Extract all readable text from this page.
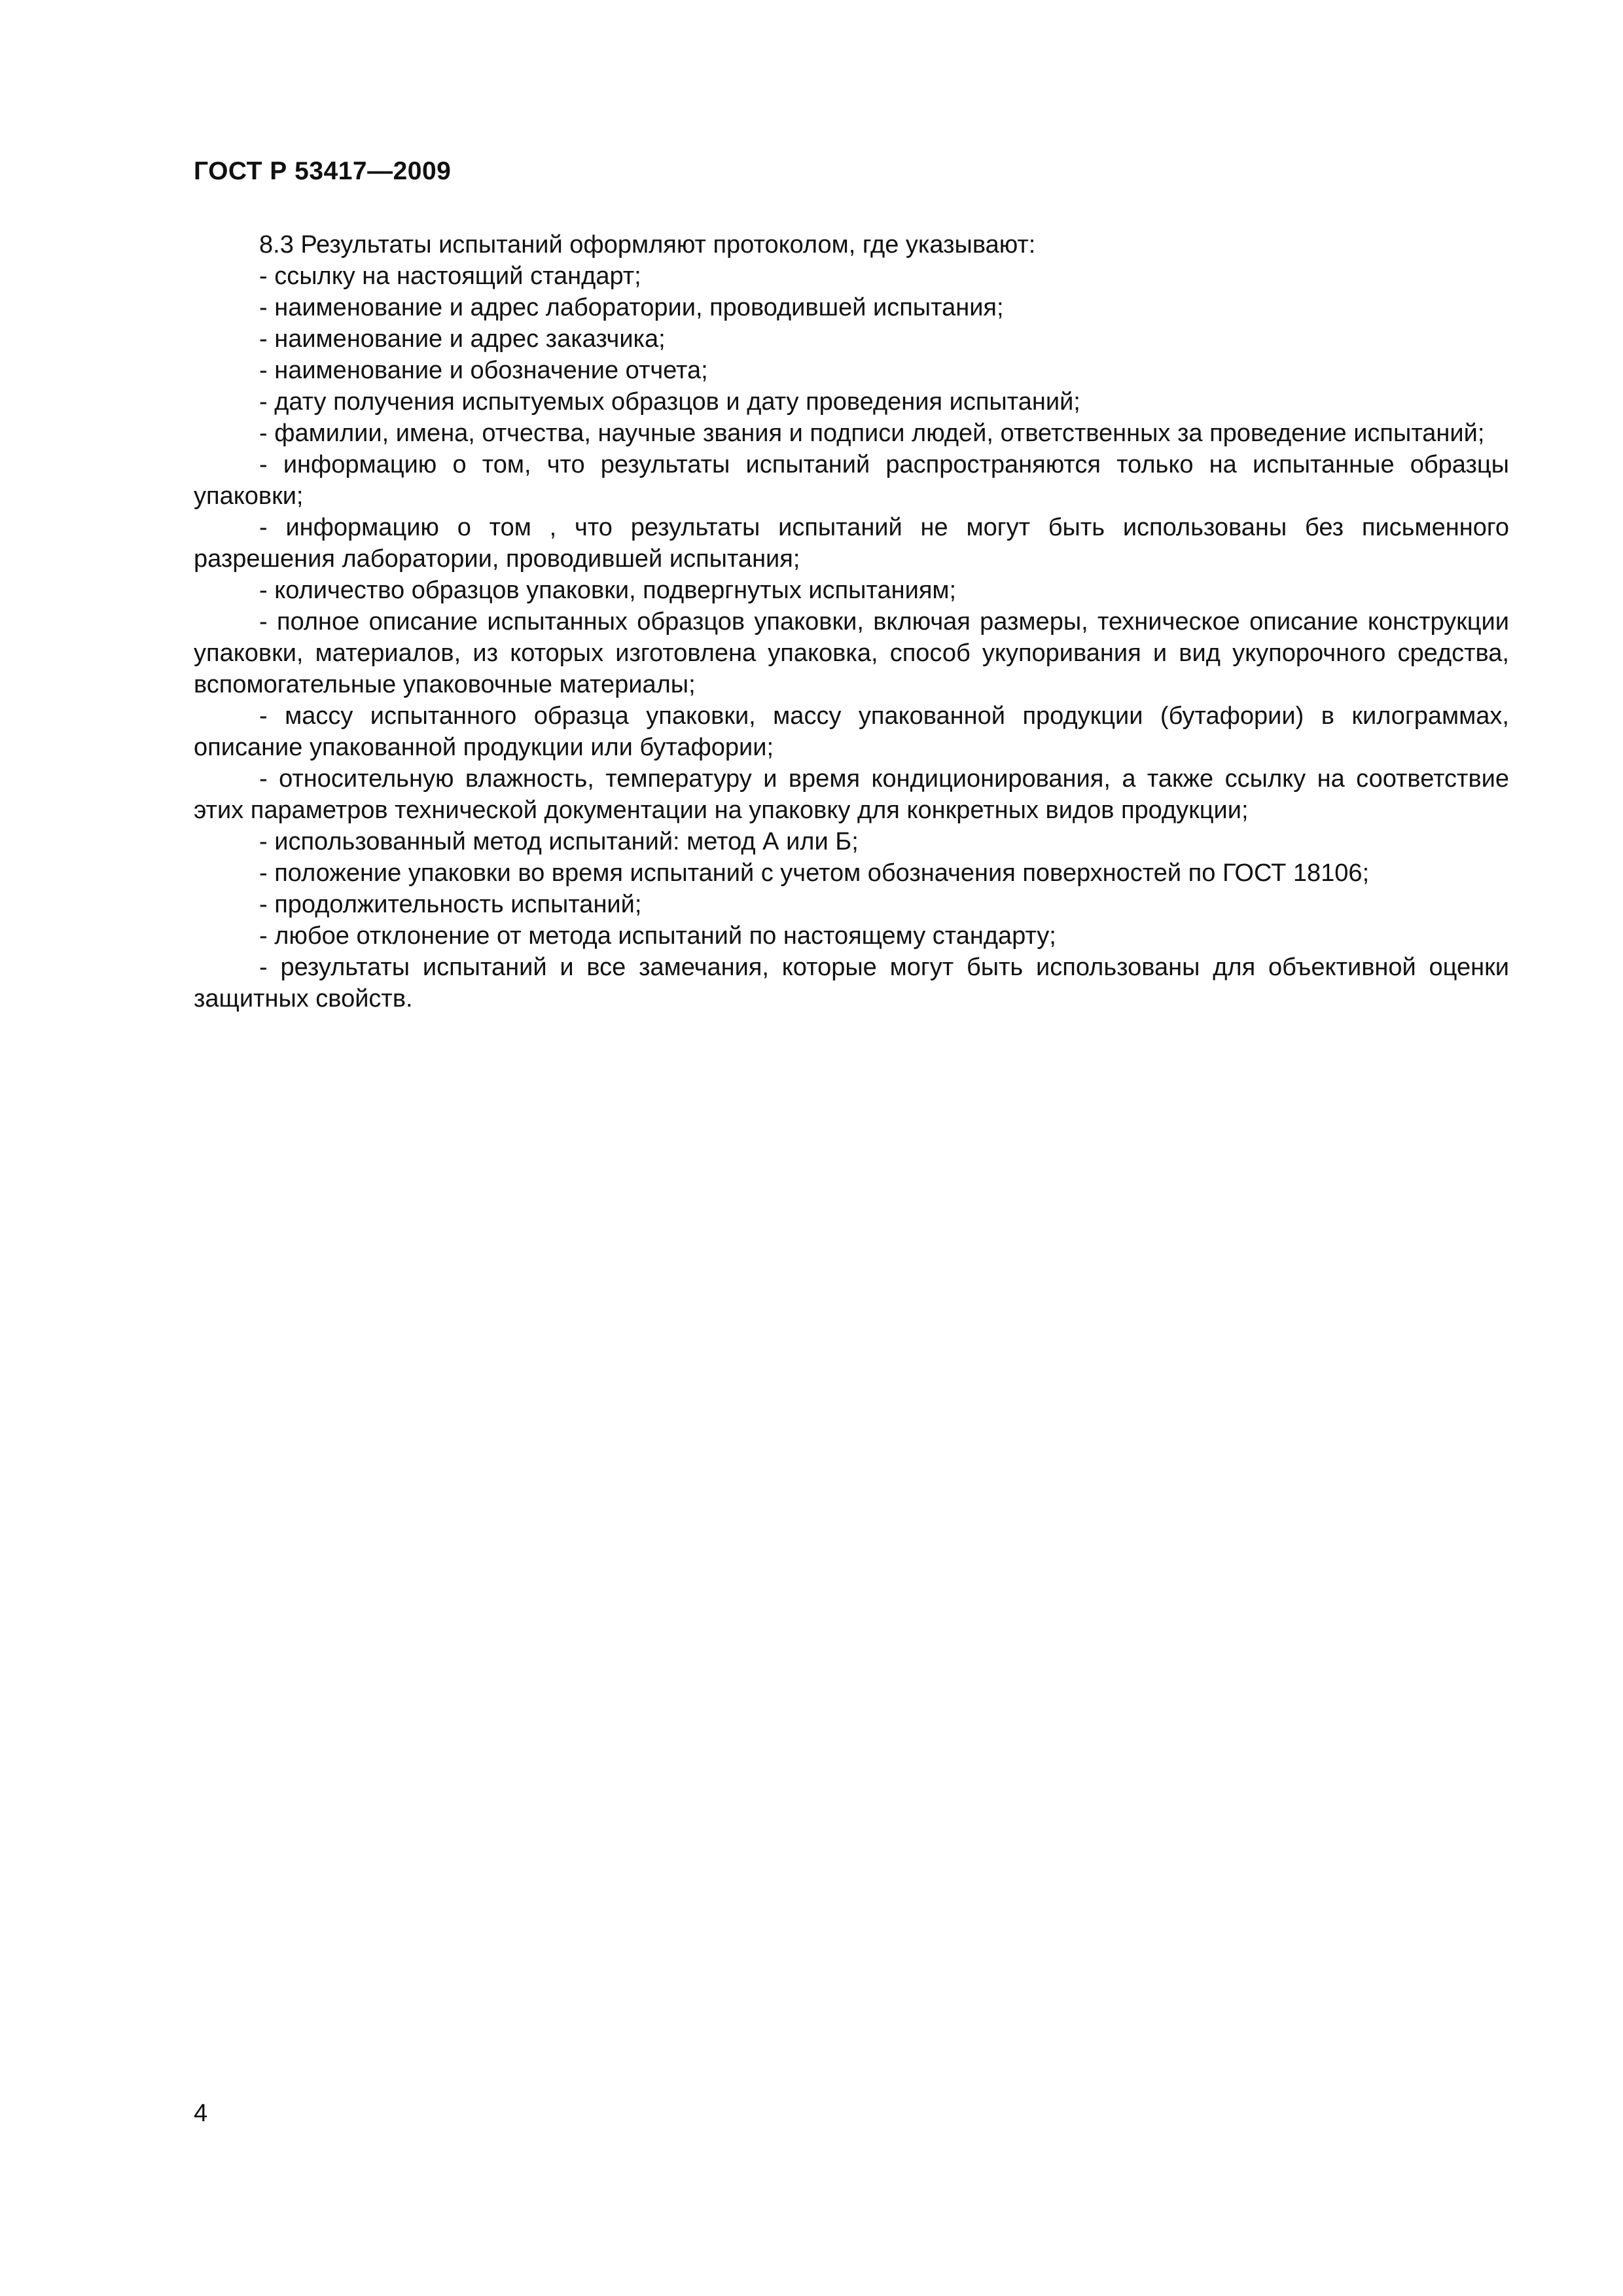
ГОСТ Р 53417—2009

8.3 Результаты испытаний оформляют протоколом, где указывают:

- ссылку на настоящий стандарт;

- наименование и адрес лаборатории, проводившей испытания;

- наименование и адрес заказчика;

- наименование и обозначение отчета;

- дату получения испытуемых образцов и дату проведения испытаний;

- фамилии, имена, отчества, научные звания и подписи людей, ответственных за проведение испытаний;

- информацию о том, что результаты испытаний распространяются только на испытанные образцы упаковки;

- информацию о том , что результаты испытаний не могут быть использованы без письменного разрешения лаборатории, проводившей испытания;

- количество образцов упаковки, подвергнутых испытаниям;

- полное описание испытанных образцов упаковки, включая размеры, техническое описание конструкции упаковки, материалов, из которых изготовлена упаковка, способ укупоривания и вид укупорочного средства, вспомогательные упаковочные материалы;

- массу испытанного образца упаковки, массу упакованной продукции (бутафории) в килограммах, описание упакованной продукции или бутафории;

- относительную влажность, температуру и время кондиционирования, а также ссылку на соответствие этих параметров технической документации на упаковку для конкретных видов продукции;

- использованный метод испытаний: метод А или Б;

- положение упаковки во время испытаний с учетом обозначения поверхностей по ГОСТ 18106;

- продолжительность испытаний;

- любое отклонение от метода испытаний по настоящему стандарту;

- результаты испытаний и все замечания, которые могут быть использованы для объективной оценки защитных свойств.

4
